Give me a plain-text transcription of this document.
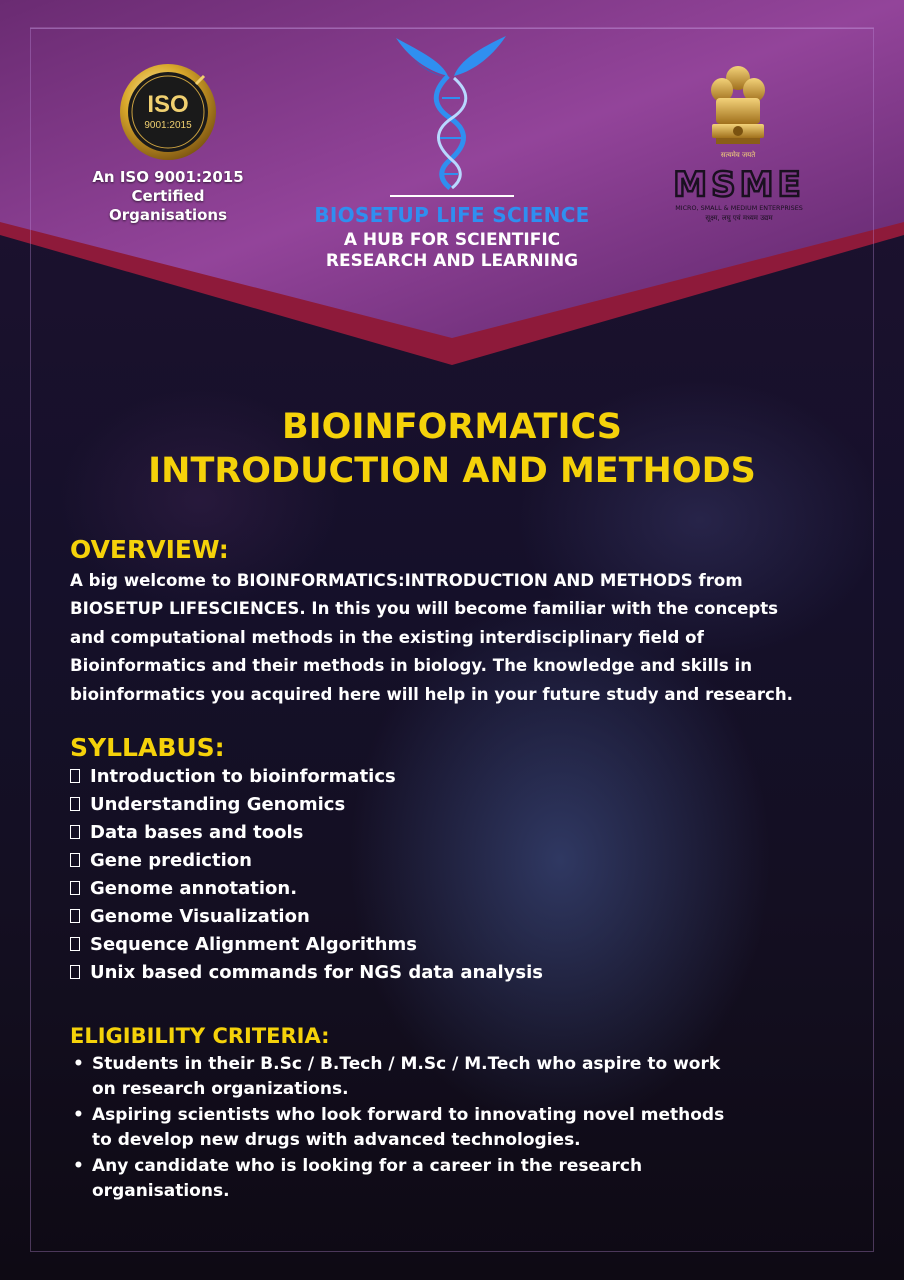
ISO
9001:2015
An ISO 9001:2015
Certified
Organisations	BIOSETUP LIFE SCIENCE
A HUB FOR SCIENTIFIC
RESEARCH AND LEARNING
सत्यमेव जयते
MSME
MICRO, SMALL & MEDIUM ENTERPRISES
सूक्ष्म, लघु एवं मध्यम उद्यम
BIOINFORMATICS
INTRODUCTION AND METHODS
OVERVIEW:
A big welcome to BIOINFORMATICS:INTRODUCTION AND METHODS from
BIOSETUP LIFESCIENCES. In this you will become familiar with the concepts
and computational methods in the existing interdisciplinary field of
Bioinformatics and their methods in biology. The knowledge and skills in
bioinformatics you acquired here will help in your future study and research.
SYLLABUS:
Introduction to bioinformatics
Understanding Genomics
Data bases and tools
Gene prediction
Genome annotation.
Genome Visualization
Sequence Alignment Algorithms
Unix based commands for NGS data analysis
ELIGIBILITY CRITERIA:
• Students in their B.Sc / B.Tech / M.Sc / M.Tech who aspire to work
on research organizations.
• Aspiring scientists who look forward to innovating novel methods
to develop new drugs with advanced technologies.
• Any candidate who is looking for a career in the research
organisations.
